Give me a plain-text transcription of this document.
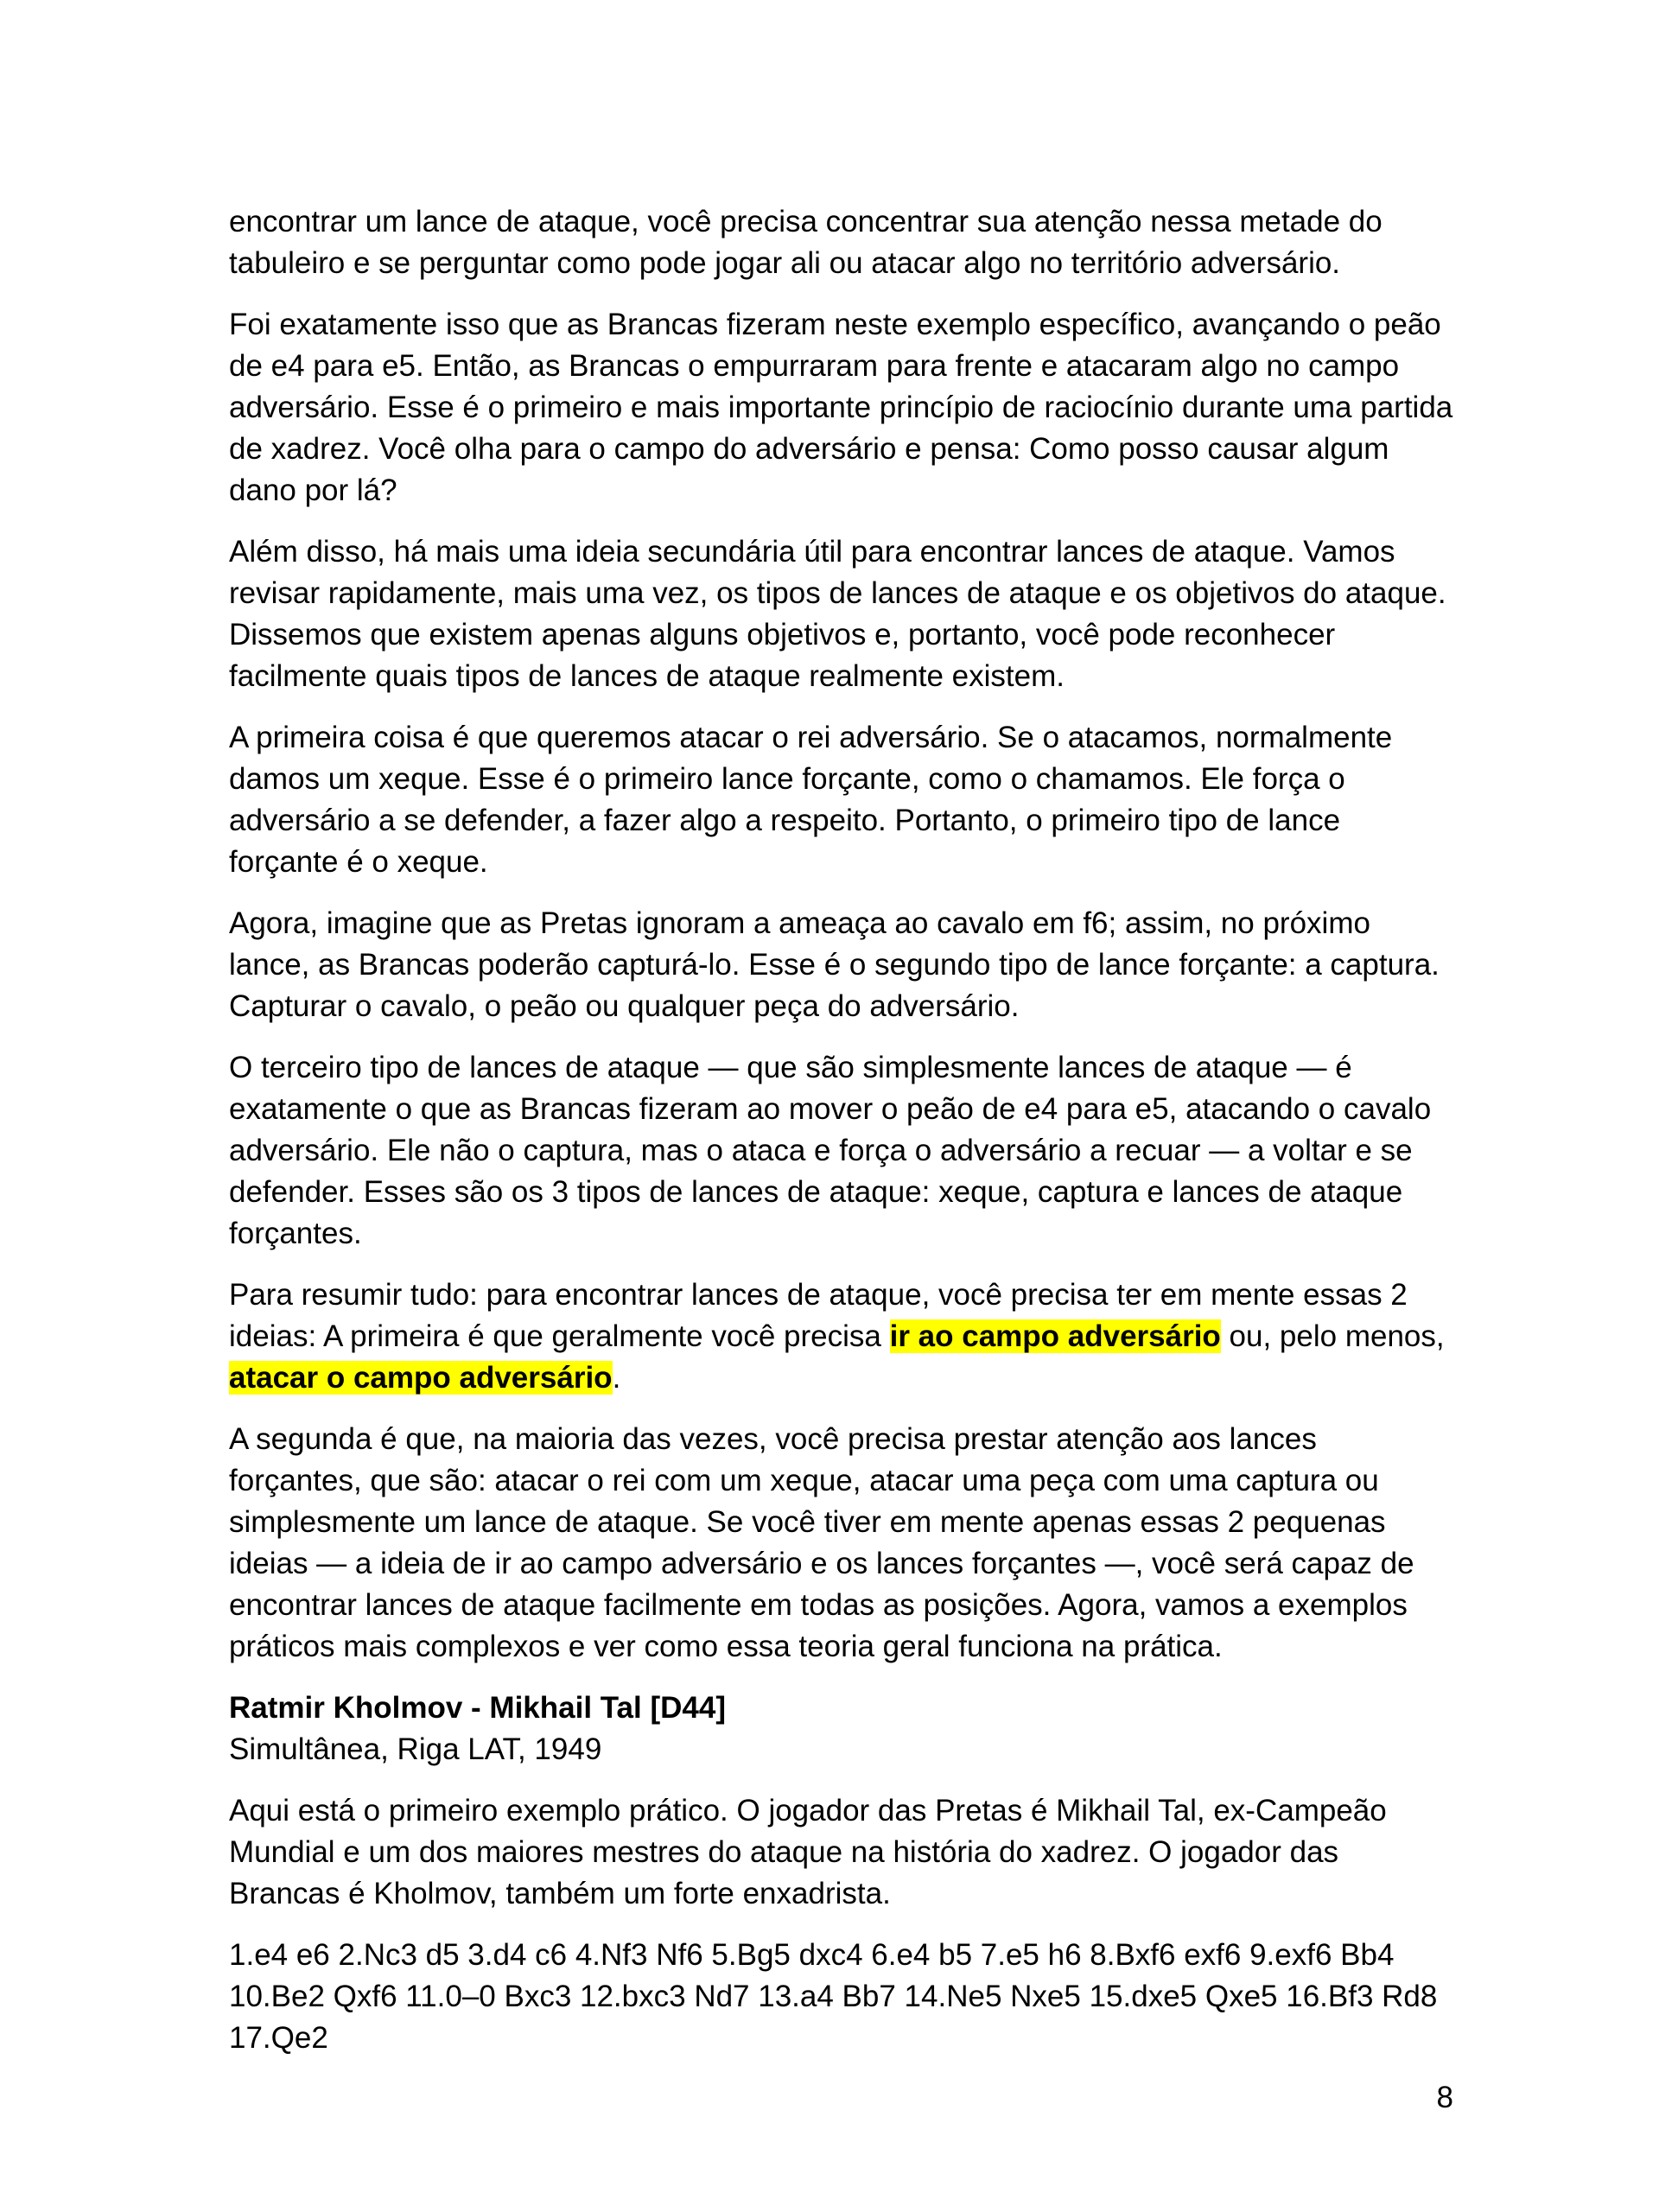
encontrar um lance de ataque, você precisa concentrar sua atenção nessa metade do tabuleiro e se perguntar como pode jogar ali ou atacar algo no território adversário.

Foi exatamente isso que as Brancas fizeram neste exemplo específico, avançando o peão de e4 para e5. Então, as Brancas o empurraram para frente e atacaram algo no campo adversário. Esse é o primeiro e mais importante princípio de raciocínio durante uma partida de xadrez. Você olha para o campo do adversário e pensa: Como posso causar algum dano por lá?

Além disso, há mais uma ideia secundária útil para encontrar lances de ataque. Vamos revisar rapidamente, mais uma vez, os tipos de lances de ataque e os objetivos do ataque. Dissemos que existem apenas alguns objetivos e, portanto, você pode reconhecer facilmente quais tipos de lances de ataque realmente existem.

A primeira coisa é que queremos atacar o rei adversário. Se o atacamos, normalmente damos um xeque. Esse é o primeiro lance forçante, como o chamamos. Ele força o adversário a se defender, a fazer algo a respeito. Portanto, o primeiro tipo de lance forçante é o xeque.

Agora, imagine que as Pretas ignoram a ameaça ao cavalo em f6; assim, no próximo lance, as Brancas poderão capturá-lo. Esse é o segundo tipo de lance forçante: a captura. Capturar o cavalo, o peão ou qualquer peça do adversário.

O terceiro tipo de lances de ataque — que são simplesmente lances de ataque — é exatamente o que as Brancas fizeram ao mover o peão de e4 para e5, atacando o cavalo adversário. Ele não o captura, mas o ataca e força o adversário a recuar — a voltar e se defender. Esses são os 3 tipos de lances de ataque: xeque, captura e lances de ataque forçantes.

Para resumir tudo: para encontrar lances de ataque, você precisa ter em mente essas 2 ideias: A primeira é que geralmente você precisa ir ao campo adversário ou, pelo menos, atacar o campo adversário.

A segunda é que, na maioria das vezes, você precisa prestar atenção aos lances forçantes, que são: atacar o rei com um xeque, atacar uma peça com uma captura ou simplesmente um lance de ataque. Se você tiver em mente apenas essas 2 pequenas ideias — a ideia de ir ao campo adversário e os lances forçantes —, você será capaz de encontrar lances de ataque facilmente em todas as posições. Agora, vamos a exemplos práticos mais complexos e ver como essa teoria geral funciona na prática.

Ratmir Kholmov - Mikhail Tal [D44]
Simultânea, Riga LAT, 1949

Aqui está o primeiro exemplo prático. O jogador das Pretas é Mikhail Tal, ex-Campeão Mundial e um dos maiores mestres do ataque na história do xadrez. O jogador das Brancas é Kholmov, também um forte enxadrista.

1.e4 e6 2.Nc3 d5 3.d4 c6 4.Nf3 Nf6 5.Bg5 dxc4 6.e4 b5 7.e5 h6 8.Bxf6 exf6 9.exf6 Bb4 10.Be2 Qxf6 11.0–0 Bxc3 12.bxc3 Nd7 13.a4 Bb7 14.Ne5 Nxe5 15.dxe5 Qxe5 16.Bf3 Rd8 17.Qe2

8
